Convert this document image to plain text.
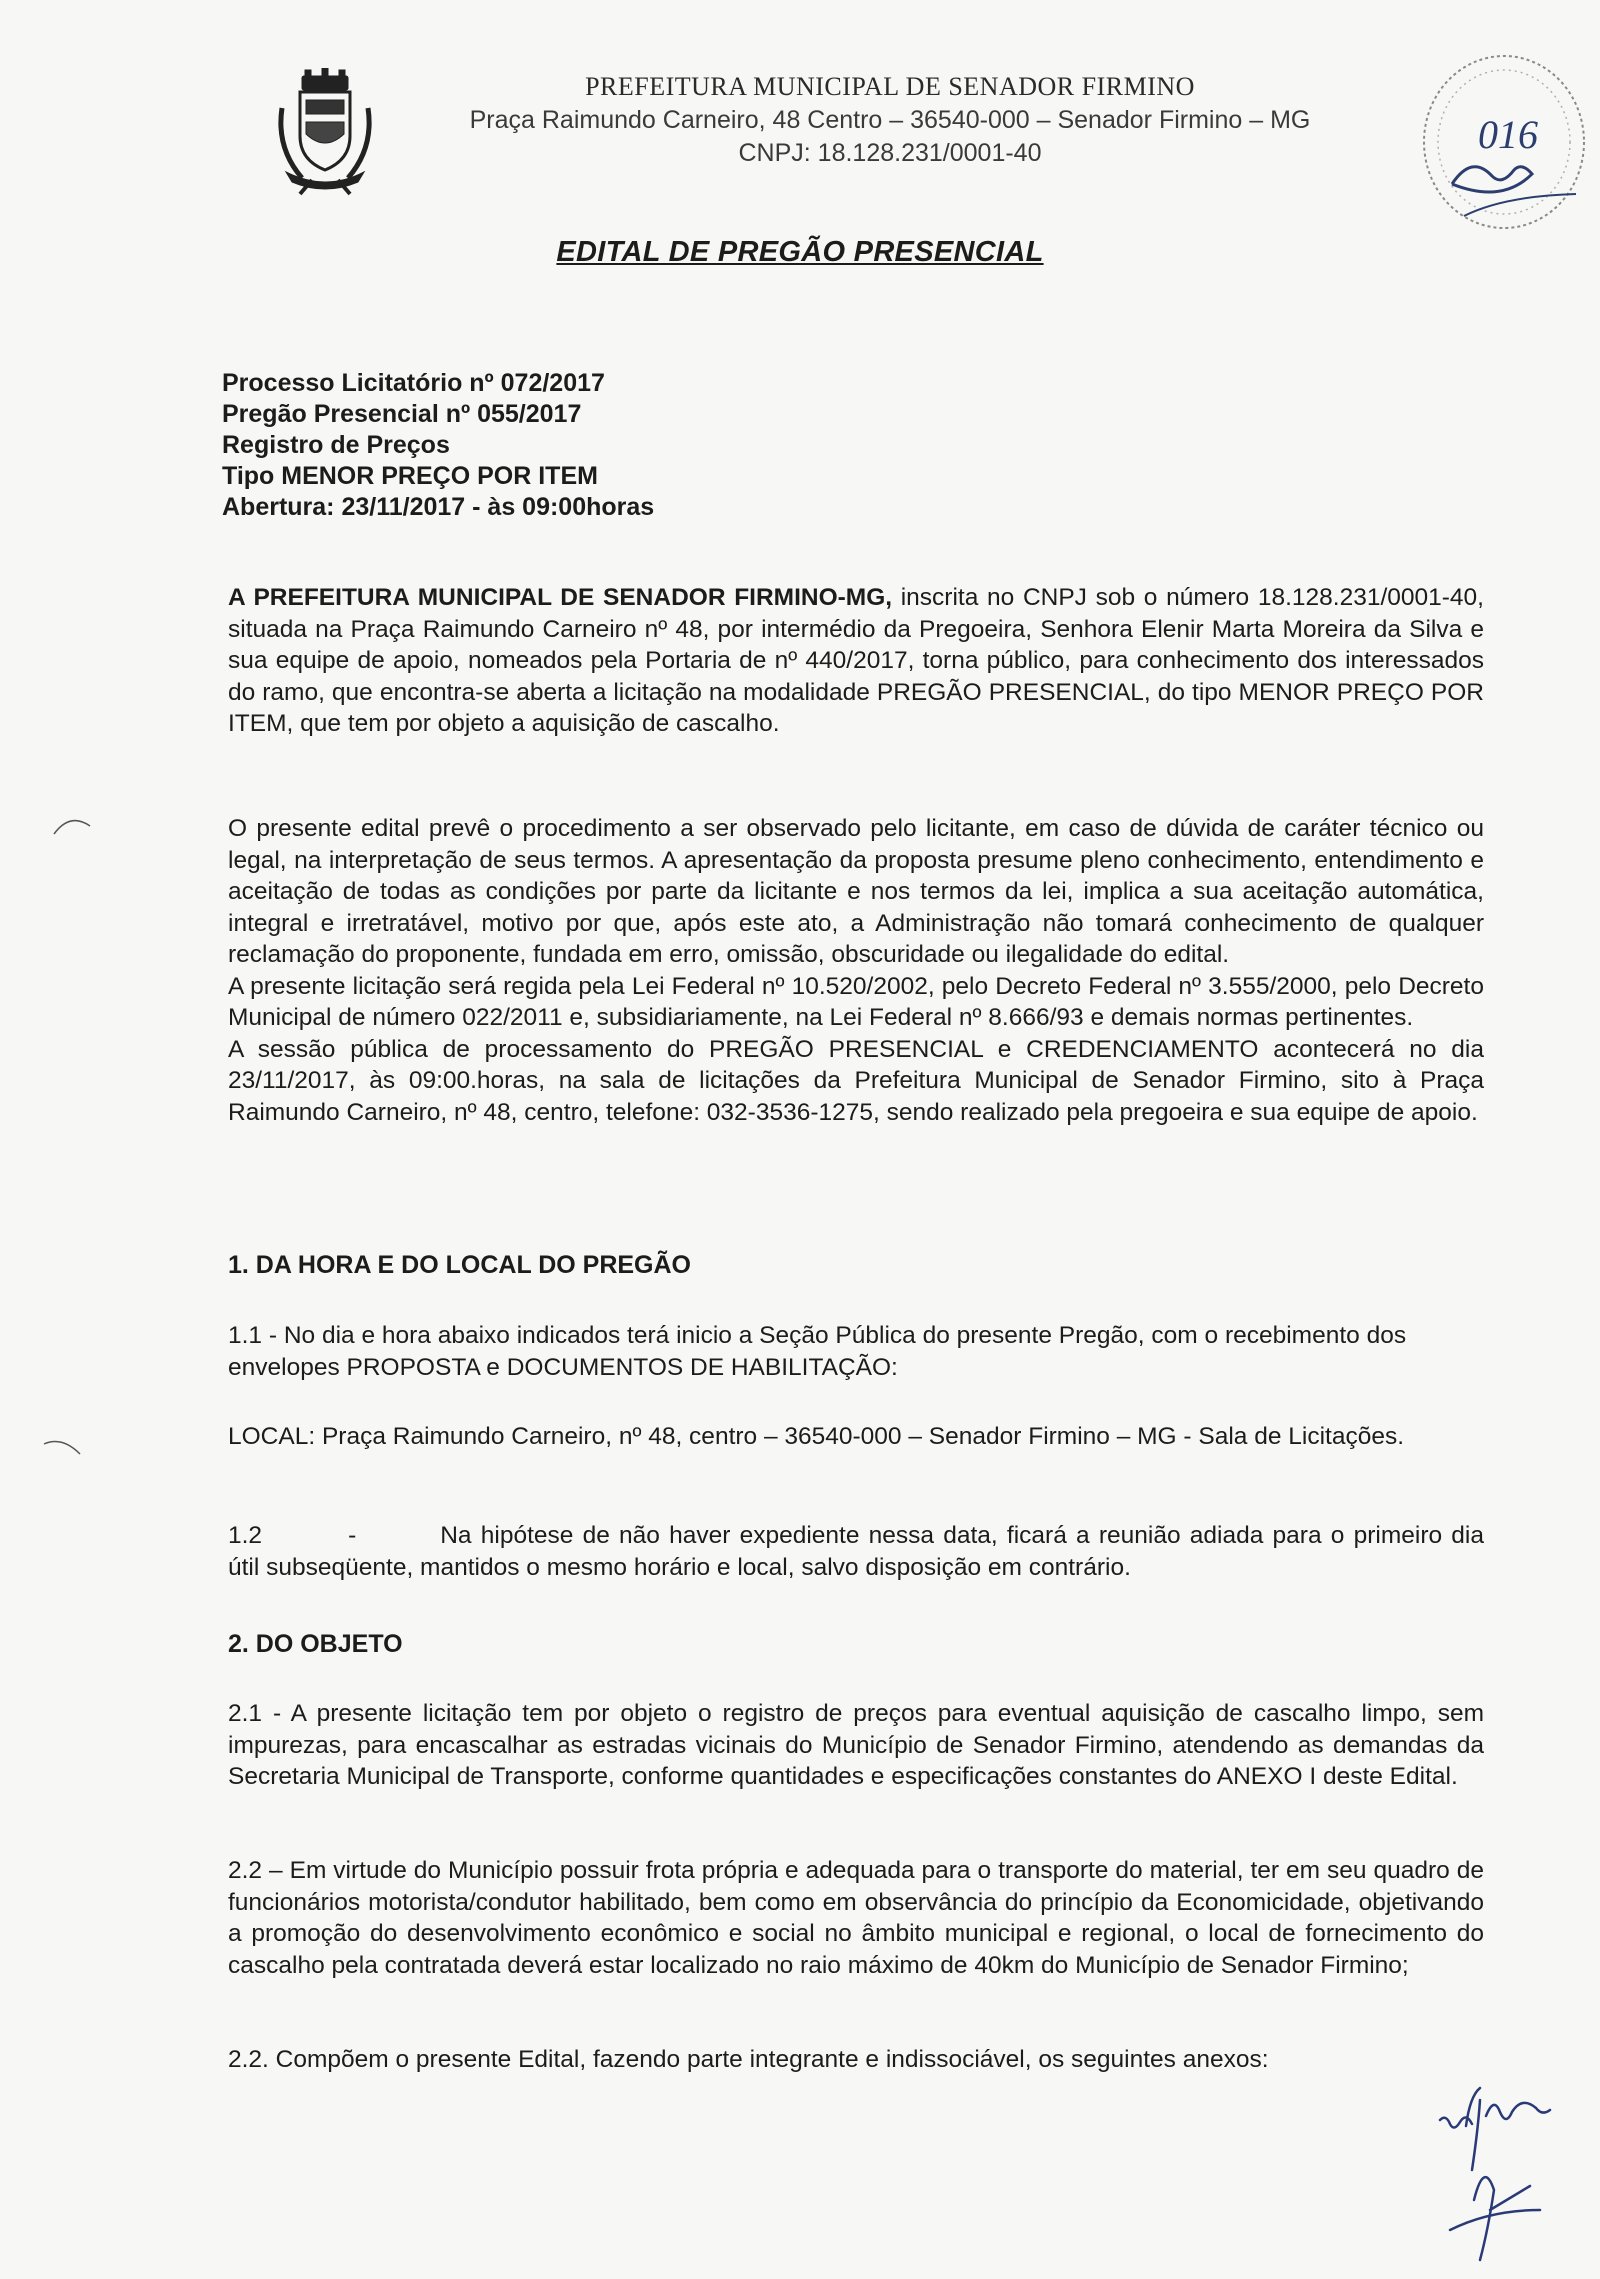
PREFEITURA MUNICIPAL DE SENADOR FIRMINO
Praça Raimundo Carneiro, 48 Centro – 36540-000 – Senador Firmino – MG
CNPJ: 18.128.231/0001-40	016
EDITAL DE PREGÃO PRESENCIAL
Processo Licitatório nº 072/2017
Pregão Presencial nº 055/2017
Registro de Preços
Tipo MENOR PREÇO POR ITEM
Abertura: 23/11/2017 - às 09:00horas

A PREFEITURA MUNICIPAL DE SENADOR FIRMINO-MG, inscrita no CNPJ sob o número 18.128.231/0001-40, situada na Praça Raimundo Carneiro nº 48, por intermédio da Pregoeira, Senhora Elenir Marta Moreira da Silva e sua equipe de apoio, nomeados pela Portaria de nº 440/2017, torna público, para conhecimento dos interessados do ramo, que encontra-se aberta a licitação na modalidade PREGÃO PRESENCIAL, do tipo MENOR PREÇO POR ITEM, que tem por objeto a aquisição de cascalho.

O presente edital prevê o procedimento a ser observado pelo licitante, em caso de dúvida de caráter técnico ou legal, na interpretação de seus termos. A apresentação da proposta presume pleno conhecimento, entendimento e aceitação de todas as condições por parte da licitante e nos termos da lei, implica a sua aceitação automática, integral e irretratável, motivo por que, após este ato, a Administração não tomará conhecimento de qualquer reclamação do proponente, fundada em erro, omissão, obscuridade ou ilegalidade do edital.

A presente licitação será regida pela Lei Federal nº 10.520/2002, pelo Decreto Federal nº 3.555/2000, pelo Decreto Municipal de número 022/2011 e, subsidiariamente, na Lei Federal nº 8.666/93 e demais normas pertinentes.

A sessão pública de processamento do PREGÃO PRESENCIAL e CREDENCIAMENTO acontecerá no dia 23/11/2017, às 09:00.horas, na sala de licitações da Prefeitura Municipal de Senador Firmino, sito à Praça Raimundo Carneiro, nº 48, centro, telefone: 032-3536-1275, sendo realizado pela pregoeira e sua equipe de apoio.

1. DA HORA E DO LOCAL DO PREGÃO
1.1 - No dia e hora abaixo indicados terá inicio a Seção Pública do presente Pregão, com o recebimento dos envelopes PROPOSTA e DOCUMENTOS DE HABILITAÇÃO:
LOCAL: Praça Raimundo Carneiro, nº 48, centro – 36540-000 – Senador Firmino – MG - Sala de Licitações.

1.2	-	Na hipótese de não haver expediente nessa data, ficará a reunião adiada para o primeiro dia útil subseqüente, mantidos o mesmo horário e local, salvo disposição em contrário.

2. DO OBJETO

2.1 - A presente licitação tem por objeto o registro de preços para eventual aquisição de cascalho limpo, sem impurezas, para encascalhar as estradas vicinais do Município de Senador Firmino, atendendo as demandas da Secretaria Municipal de Transporte, conforme quantidades e especificações constantes do ANEXO I deste Edital.

2.2 – Em virtude do Município possuir frota própria e adequada para o transporte do material, ter em seu quadro de funcionários motorista/condutor habilitado, bem como em observância do princípio da Economicidade, objetivando a promoção do desenvolvimento econômico e social no âmbito municipal e regional, o local de fornecimento do cascalho pela contratada deverá estar localizado no raio máximo de 40km do Município de Senador Firmino;

2.2. Compõem o presente Edital, fazendo parte integrante e indissociável, os seguintes anexos:
